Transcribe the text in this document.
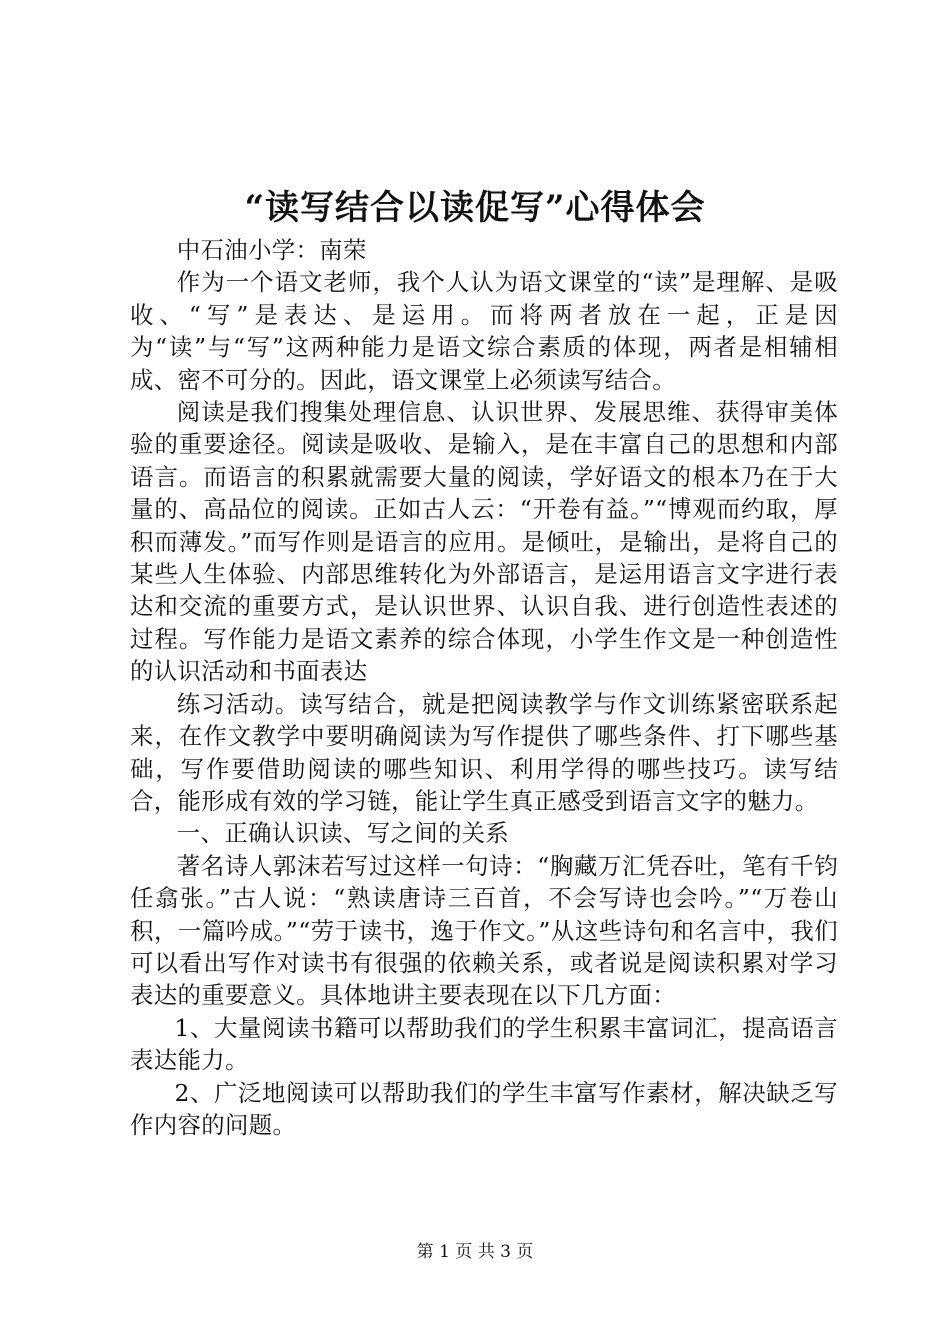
“读写结合以读促写”心得体会

中石油小学：南荣

作为一个语文老师，我个人认为语文课堂的“读”是理解、是吸收、“写”是表达、是运用。而将两者放在一起，正是因为“读”与“写”这两种能力是语文综合素质的体现，两者是相辅相成、密不可分的。因此，语文课堂上必须读写结合。

阅读是我们搜集处理信息、认识世界、发展思维、获得审美体验的重要途径。阅读是吸收、是输入，是在丰富自己的思想和内部语言。而语言的积累就需要大量的阅读，学好语文的根本乃在于大量的、高品位的阅读。正如古人云：“开卷有益。”“博观而约取，厚积而薄发。”而写作则是语言的应用。是倾吐，是输出，是将自己的某些人生体验、内部思维转化为外部语言，是运用语言文字进行表达和交流的重要方式，是认识世界、认识自我、进行创造性表述的过程。写作能力是语文素养的综合体现，小学生作文是一种创造性的认识活动和书面表达

练习活动。读写结合，就是把阅读教学与作文训练紧密联系起来，在作文教学中要明确阅读为写作提供了哪些条件、打下哪些基础，写作要借助阅读的哪些知识、利用学得的哪些技巧。读写结合，能形成有效的学习链，能让学生真正感受到语言文字的魅力。

一、正确认识读、写之间的关系

著名诗人郭沫若写过这样一句诗：“胸藏万汇凭吞吐，笔有千钧任翕张。”古人说：“熟读唐诗三百首，不会写诗也会吟。”“万卷山积，一篇吟成。”“劳于读书，逸于作文。”从这些诗句和名言中，我们可以看出写作对读书有很强的依赖关系，或者说是阅读积累对学习表达的重要意义。具体地讲主要表现在以下几方面：

1、大量阅读书籍可以帮助我们的学生积累丰富词汇，提高语言表达能力。

2、广泛地阅读可以帮助我们的学生丰富写作素材，解决缺乏写作内容的问题。

第 1 页 共 3 页
